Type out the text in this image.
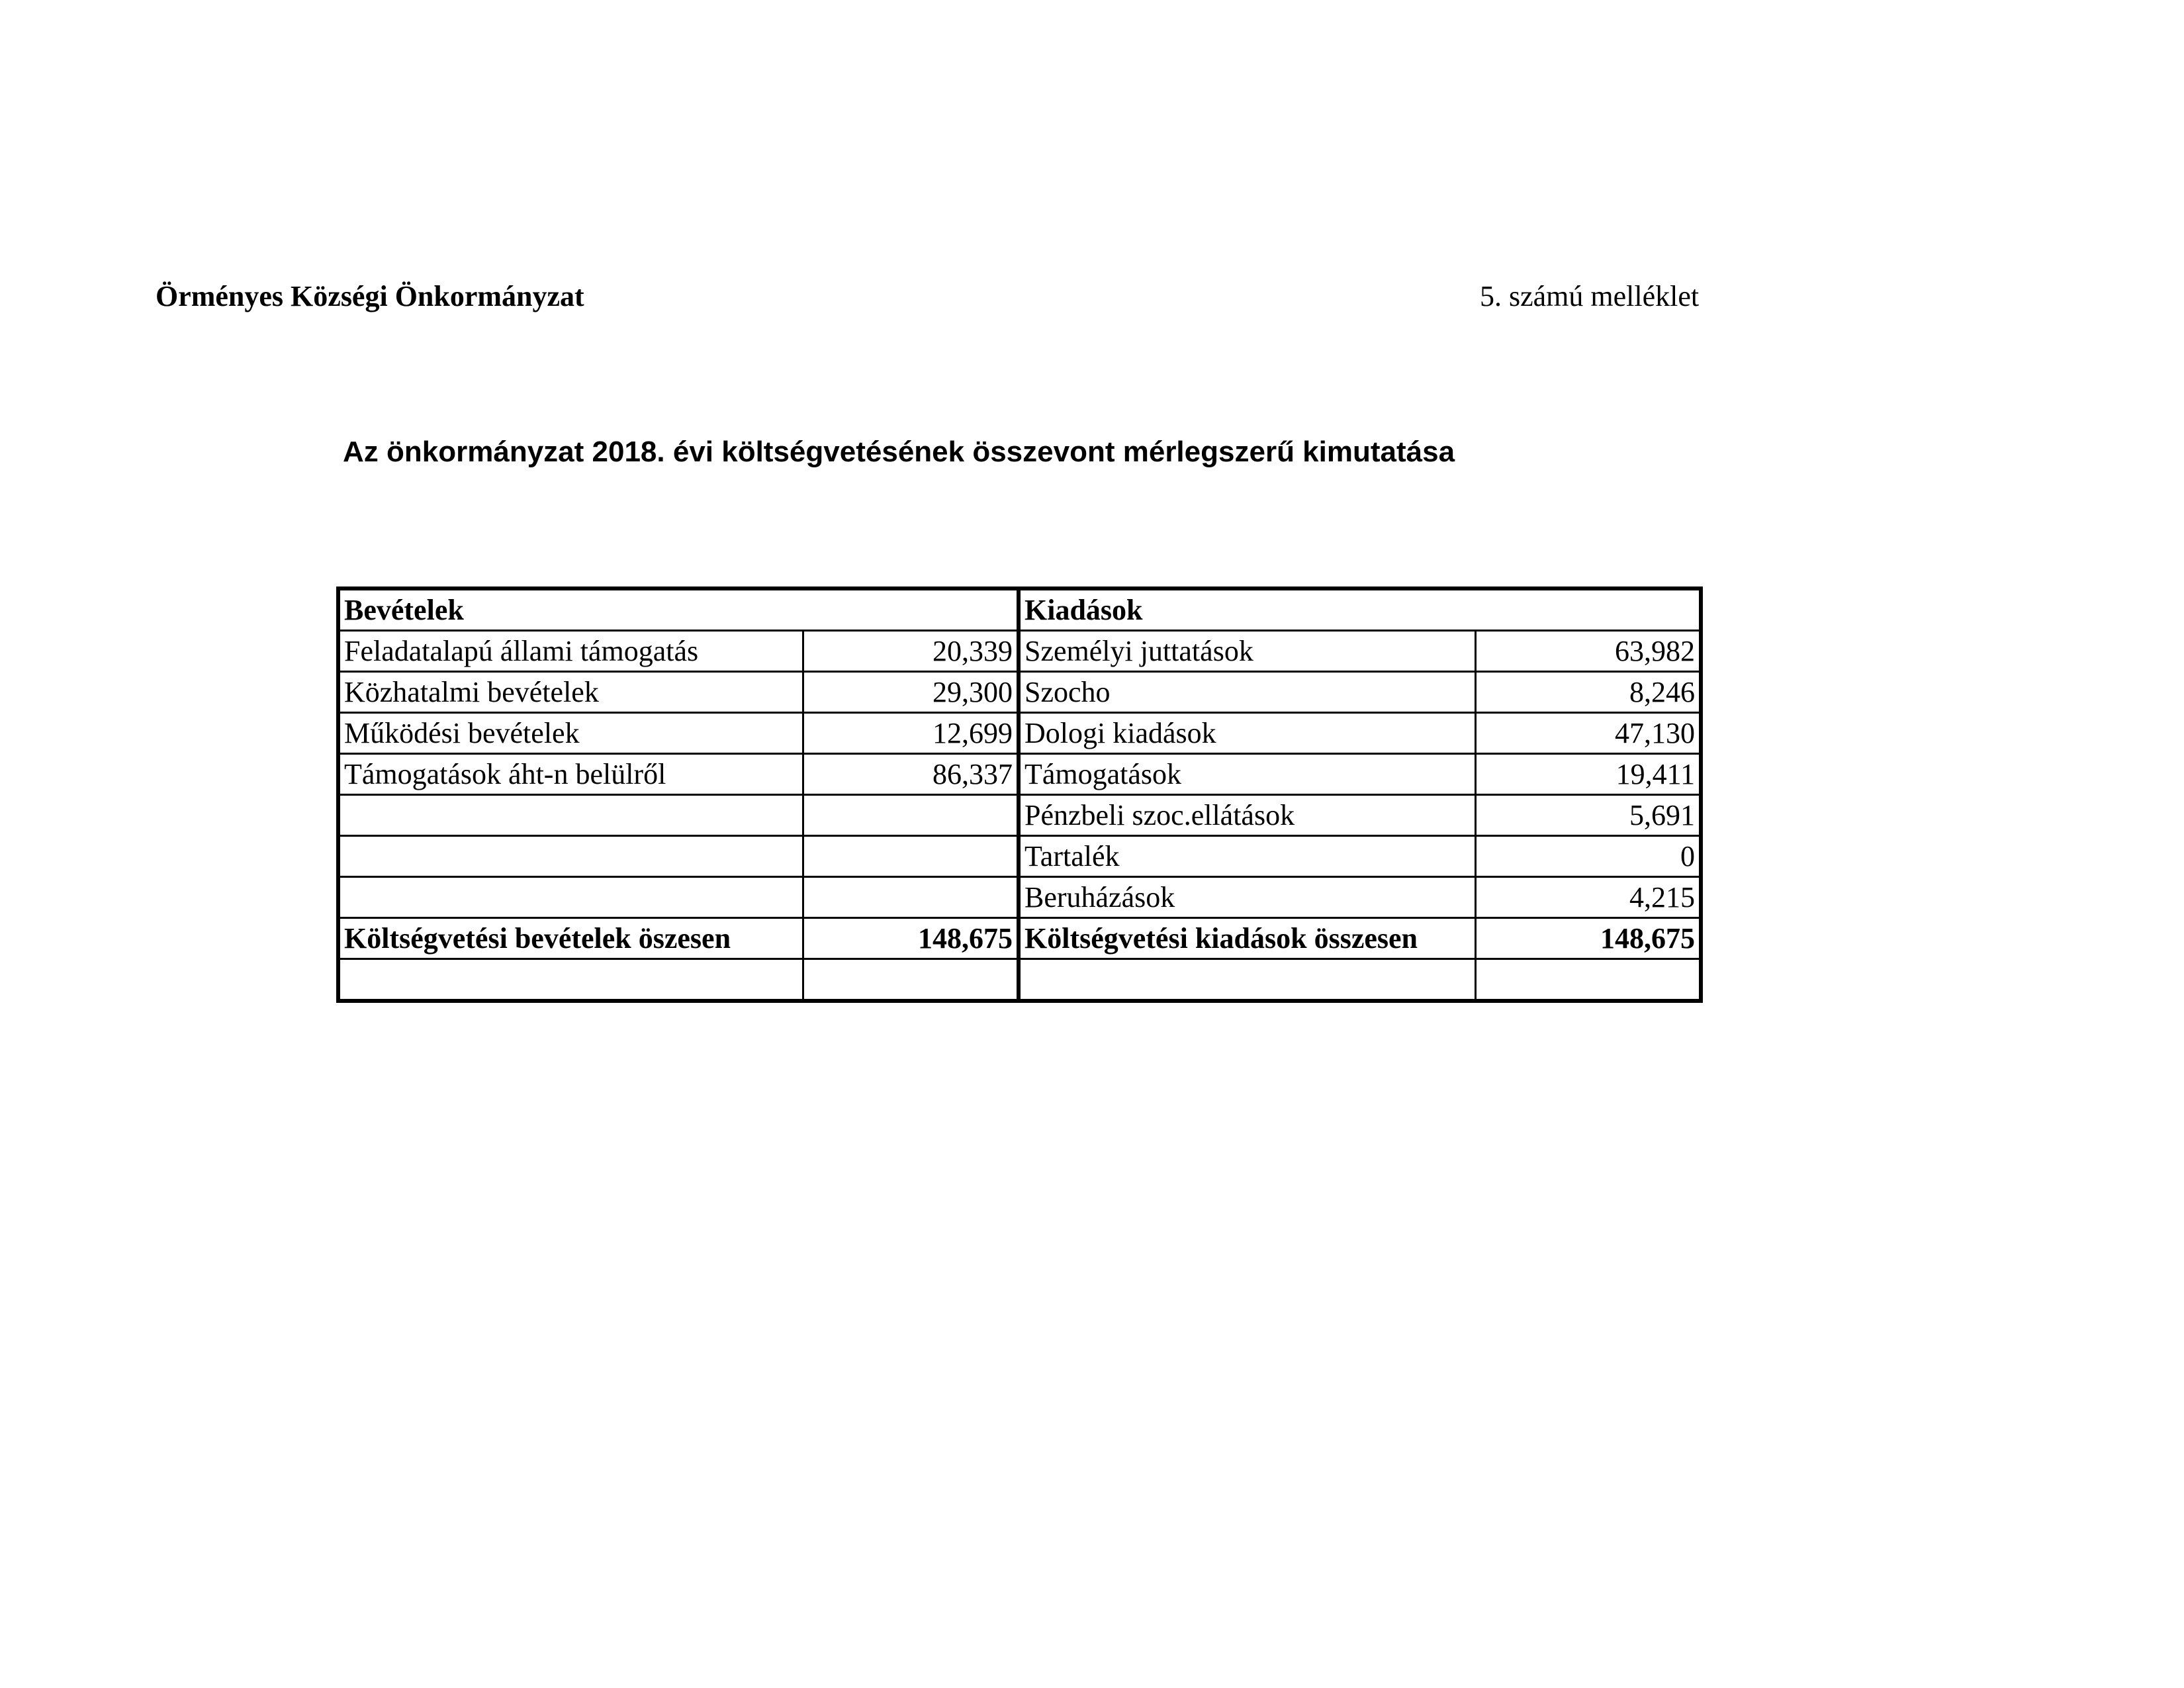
Örményes Községi Önkormányzat	5. számú melléklet
Az önkormányzat 2018. évi költségvetésének összevont mérlegszerű kimutatása
Bevételek		Kiadások	
Feladatalapú állami támogatás	20,339	Személyi juttatások	63,982
Közhatalmi bevételek	29,300	Szocho	8,246
Működési bevételek	12,699	Dologi kiadások	47,130
Támogatások áht-n belülről	86,337	Támogatások	19,411
		Pénzbeli szoc.ellátások	5,691
		Tartalék	0
		Beruházások	4,215
Költségvetési bevételek öszesen	148,675	Költségvetési kiadások összesen	148,675
